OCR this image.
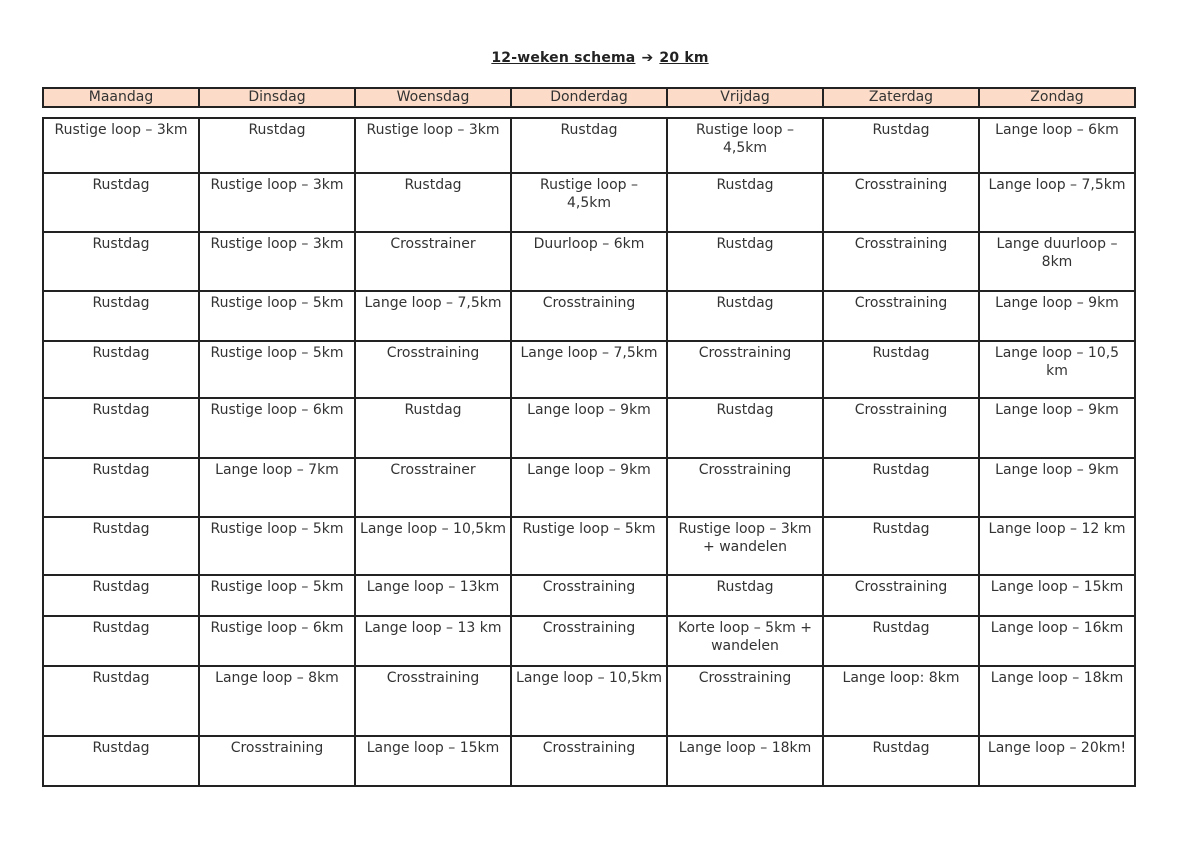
12-weken schema ➔ 20 km
Maandag	Dinsdag	Woensdag	Donderdag	Vrijdag	Zaterdag	Zondag
Rustige loop – 3km	Rustdag	Rustige loop – 3km	Rustdag	Rustige loop – 4,5km	Rustdag	Lange loop – 6km
Rustdag	Rustige loop – 3km	Rustdag	Rustige loop – 4,5km	Rustdag	Crosstraining	Lange loop – 7,5km
Rustdag	Rustige loop – 3km	Crosstrainer	Duurloop – 6km	Rustdag	Crosstraining	Lange duurloop – 8km
Rustdag	Rustige loop – 5km	Lange loop – 7,5km	Crosstraining	Rustdag	Crosstraining	Lange loop – 9km
Rustdag	Rustige loop – 5km	Crosstraining	Lange loop – 7,5km	Crosstraining	Rustdag	Lange loop – 10,5 km
Rustdag	Rustige loop – 6km	Rustdag	Lange loop – 9km	Rustdag	Crosstraining	Lange loop – 9km
Rustdag	Lange loop – 7km	Crosstrainer	Lange loop – 9km	Crosstraining	Rustdag	Lange loop – 9km
Rustdag	Rustige loop – 5km	Lange loop – 10,5km	Rustige loop – 5km	Rustige loop – 3km + wandelen	Rustdag	Lange loop – 12 km
Rustdag	Rustige loop – 5km	Lange loop – 13km	Crosstraining	Rustdag	Crosstraining	Lange loop – 15km
Rustdag	Rustige loop – 6km	Lange loop – 13 km	Crosstraining	Korte loop – 5km + wandelen	Rustdag	Lange loop – 16km
Rustdag	Lange loop – 8km	Crosstraining	Lange loop – 10,5km	Crosstraining	Lange loop: 8km	Lange loop – 18km
Rustdag	Crosstraining	Lange loop – 15km	Crosstraining	Lange loop – 18km	Rustdag	Lange loop – 20km!
